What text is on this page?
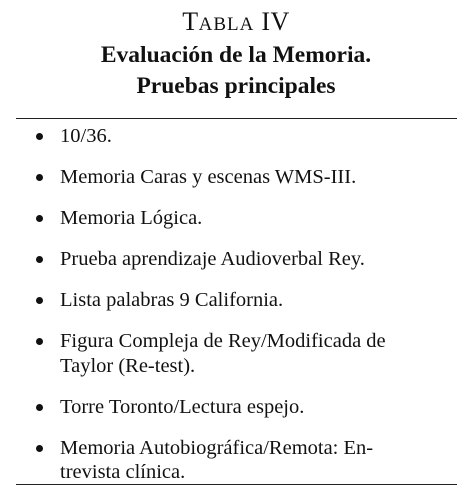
TABLA IV
Evaluación de la Memoria.
Pruebas principales
10/36.
Memoria Caras y escenas WMS-III.
Memoria Lógica.
Prueba aprendizaje Audioverbal Rey.
Lista palabras 9 California.
Figura Compleja de Rey/Modificada de
Taylor (Re-test).
Torre Toronto/Lectura espejo.
Memoria Autobiográfica/Remota: En-
trevista clínica.
